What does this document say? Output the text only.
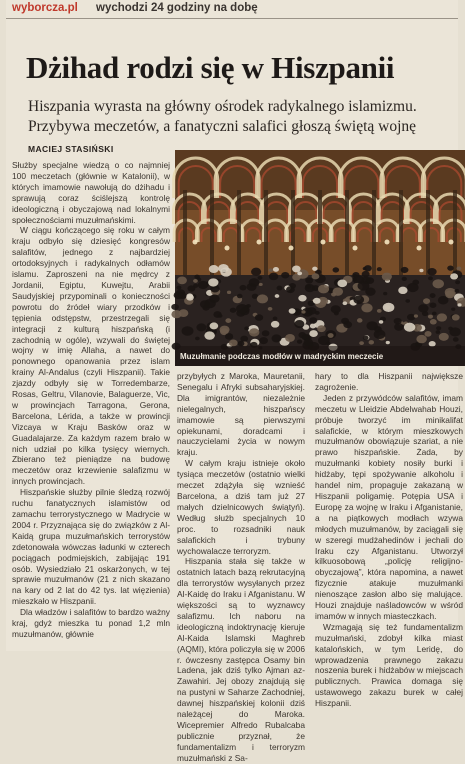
wyborcza.pl wychodzi 24 godziny na dobę
Dżihad rodzi się w Hiszpanii
Hiszpania wyrasta na główny ośrodek radykalnego islamizmu.
Przybywa meczetów, a fanatyczni salafici głoszą świętą wojnę
MACIEJ STASIŃSKI
Muzułmanie podczas modłów w madryckim meczecie

Służby specjalne wiedzą o co najmniej 100 meczetach (głównie w Katalonii), w których imamowie nawołują do dżihadu i sprawują coraz ściślejszą kontrolę ideologiczną i obyczajową nad lokalnymi społecznościami muzułmańskimi.

W ciągu kończącego się roku w całym kraju odbyło się dziesięć kongresów salafitów, jednego z najbardziej ortodoksyjnych i radykalnych odłamów islamu. Zaproszeni na nie mędrcy z Jordanii, Egiptu, Kuwejtu, Arabii Saudyjskiej przypominali o konieczności powrotu do źródeł wiary przodków i tępienia odstępstw, przestrzegali się integracji z kulturą hiszpańską (i zachodnią w ogóle), wzywali do świętej wojny w imię Allaha, a nawet do ponownego opanowania przez islam krainy Al-Andalus (czyli Hiszpanii). Takie zjazdy odbyły się w Torredembarze, Rosas, Geltru, Vilanovie, Balaguerze, Vic, w prowincjach Tarragona, Gerona, Barcelona, Lérida, a także w prowincji Vizcaya w Kraju Basków oraz w Guadalajarze. Za każdym razem brało w nich udział po kilka tysięcy wiernych. Zbierano też pieniądze na budowę meczetów oraz krzewienie salafizmu w innych prowincjach.

Hiszpańskie służby pilnie śledzą rozwój ruchu fanatycznych islamistów od zamachu terrorystycznego w Madrycie w 2004 r. Przyznająca się do związków z Al-Kaidą grupa muzułmańskich terrorystów zdetonowała wówczas ładunki w czterech pociągach podmiejskich, zabijając 191 osób. Wysiedziało 21 oskarżonych, w tej sprawie muzułmanów (21 z nich skazano na kary od 2 lat do 42 tys. lat więzienia) mieszkało w Hiszpanii.

Dla władzów i salafitów to bardzo ważny kraj, gdyż mieszka tu ponad 1,2 mln muzułmanów, głównie

przybyłych z Maroka, Mauretanii, Senegalu i Afryki subsaharyjskiej. Dla imigrantów, niezależnie nielegalnych, hiszpańscy imamowie są pierwszymi opiekunami, doradcami i nauczycielami życia w nowym kraju.

W całym kraju istnieje około tysiąca meczetów (ostatnio wielki meczet zdążyła się wznieść Barcelona, a dziś tam już 27 małych dzielnicowych świątyń). Według służb specjalnych 10 proc. to rozsadniki nauk salafickich i trybuny wychowalacze terroryzm.

Hiszpania stała się także w ostatnich latach bazą rekrutacyjną dla terrorystów wysyłanych przez Al-Kaidę do Iraku i Afganistanu. W większości są to wyznawcy salafizmu. Ich naboru na ideologiczną indoktrynację kieruje Al-Kaida Islamski Maghreb (AQMI), która policzyła się w 2006 r. ówczesny zastępca Osamy bin Ladena, jak dziś tylko Ajman az-Zawahiri. Jej obozy znajdują się na pustyni w Saharze Zachodniej, dawnej hiszpańskiej kolonii dziś należącej do Maroka. Wicepremier Alfredo Rubalcaba publicznie przyznał, że fundamentalizm i terroryzm muzułmański z Sa-

hary to dla Hiszpanii największe zagrożenie.

Jeden z przywódców salafitów, imam meczetu w Lleidzie Abdelwahab Houzi, próbuje tworzyć im minikalifat salafickie, w którym mieszkowych muzułmanów obowiązuje szariat, a nie prawo hiszpańskie. Żada, by muzułmanki kobiety nosiły burki i hidżaby, tępi spożywanie alkoholu i handel nim, propaguje zakazaną w Hiszpanii poligamię. Potępia USA i Europę za wojnę w Iraku i Afganistanie, a na piątkowych modłach wzywa młodych muzułmanów, by zaciągali się w szeregi mudżahedinów i jechali do Iraku czy Afganistanu. Utworzył kilkuosobową „policję religijno-obyczajową”, która napomina, a nawet fizycznie atakuje muzułmanki nienoszące zasłon albo się malujące. Houzi znajduje naśladowców w wśród imamów w innych miasteczkach.

Wzmagają się też fundamentalizm muzułmański, zdobył kilka miast katalońskich, w tym Leridę, do wprowadzenia prawnego zakazu noszenia burek i hidżabów w miejscach publicznych. Prawica domaga się ustawowego zakazu burek w całej Hiszpanii.
